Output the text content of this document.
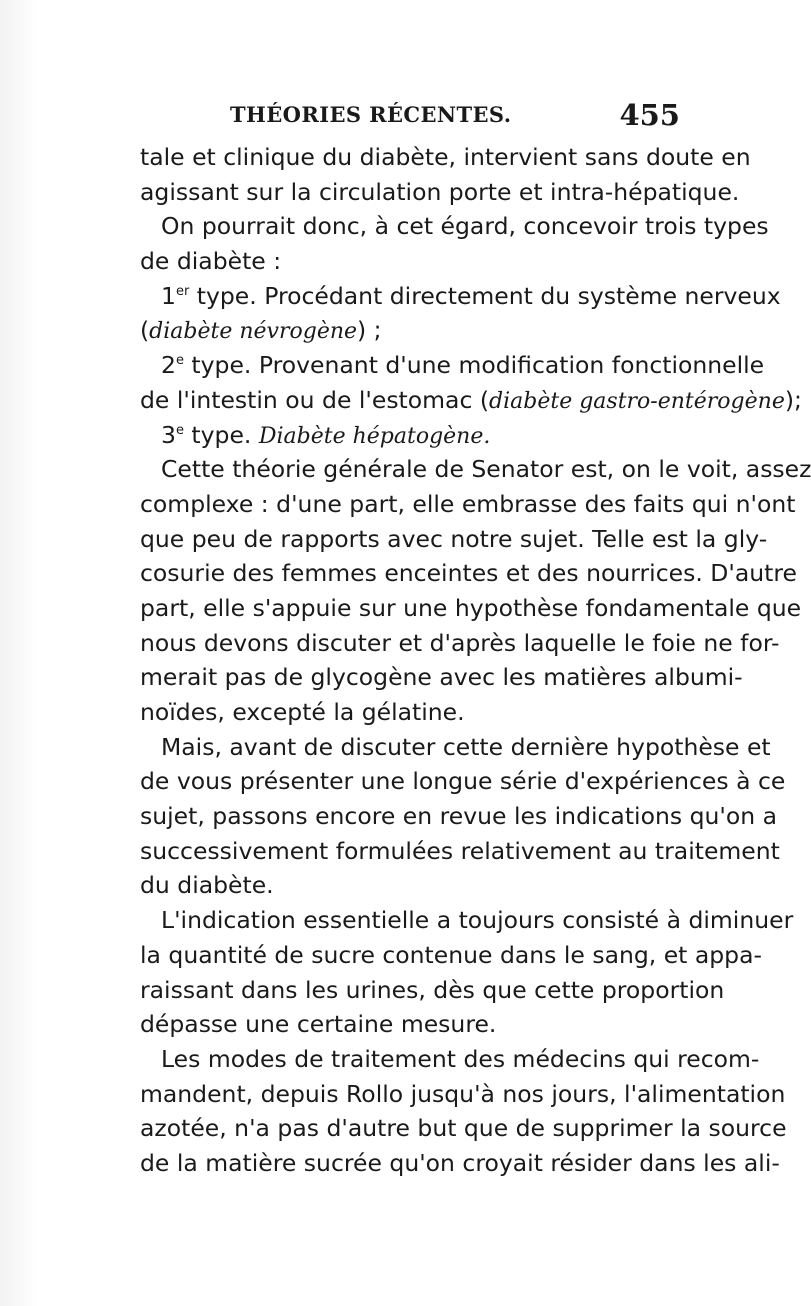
THÉORIES RÉCENTES.	455
tale et clinique du diabète, intervient sans doute en
agissant sur la circulation porte et intra-hépatique.
On pourrait donc, à cet égard, concevoir trois types
de diabète :
1er type. Procédant directement du système nerveux
(diabète névrogène) ;
2e type. Provenant d'une modification fonctionnelle
de l'intestin ou de l'estomac (diabète gastro-entérogène);
3e type. Diabète hépatogène.
Cette théorie générale de Senator est, on le voit, assez
complexe : d'une part, elle embrasse des faits qui n'ont
que peu de rapports avec notre sujet. Telle est la gly-
cosurie des femmes enceintes et des nourrices. D'autre
part, elle s'appuie sur une hypothèse fondamentale que
nous devons discuter et d'après laquelle le foie ne for-
merait pas de glycogène avec les matières albumi-
noïdes, excepté la gélatine.
Mais, avant de discuter cette dernière hypothèse et
de vous présenter une longue série d'expériences à ce
sujet, passons encore en revue les indications qu'on a
successivement formulées relativement au traitement
du diabète.
L'indication essentielle a toujours consisté à diminuer
la quantité de sucre contenue dans le sang, et appa-
raissant dans les urines, dès que cette proportion
dépasse une certaine mesure.
Les modes de traitement des médecins qui recom-
mandent, depuis Rollo jusqu'à nos jours, l'alimentation
azotée, n'a pas d'autre but que de supprimer la source
de la matière sucrée qu'on croyait résider dans les ali-
